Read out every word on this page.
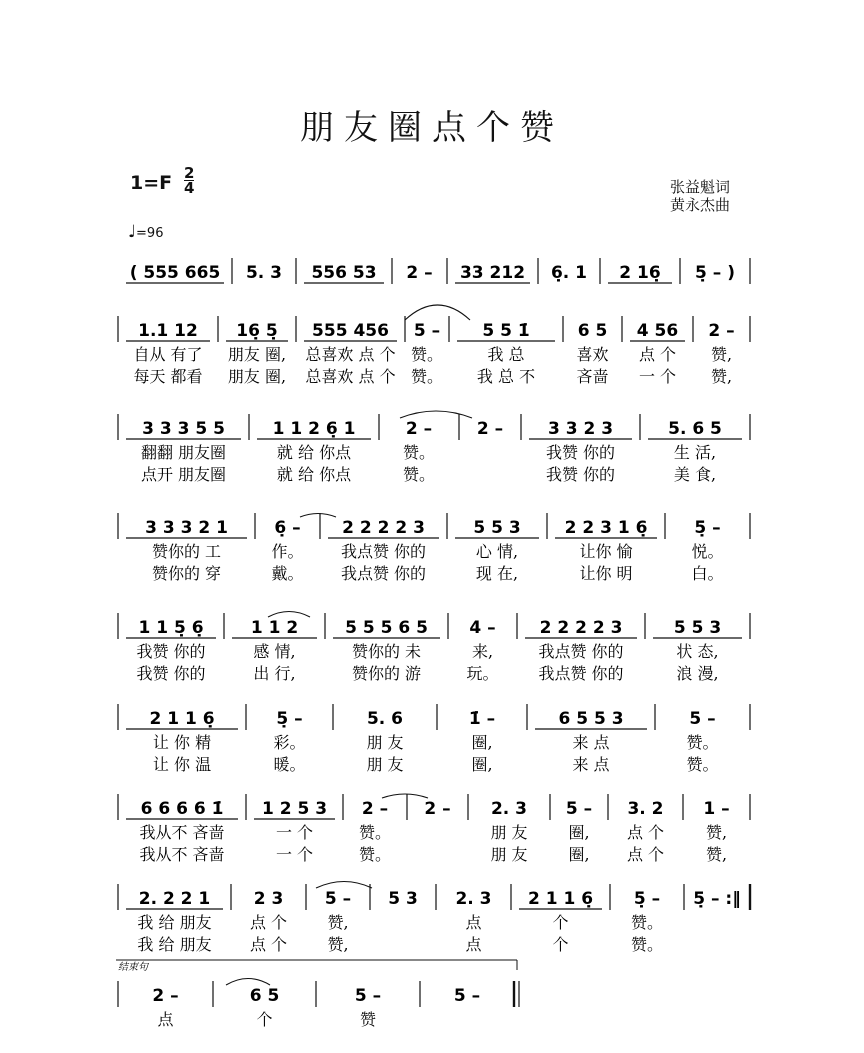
朋友圈点个赞
1=F 2
4	张益魁词
黄永杰曲
♩=96
( 555 665 5. 3 556 53 2 – 33 212 6̣. 1 2 16̣ 5̣ – )
1.1 12
自从 有了
每天 都看
16̣ 5̣
朋友 圈,
朋友 圈,
555 456
总喜欢 点 个
总喜欢 点 个
5 –
赞。
赞。
5 5 1̇
我 总
我 总 不
6 5
喜欢
吝啬
4 56
点 个
一 个
2 –
赞,
赞,
3 3 3 5 5
翻翻 朋友圈
点开 朋友圈
1 1 2 6̣ 1
就 给 你点
就 给 你点
2 –
赞。
赞。
2 –	3 3 2 3
我赞 你的
我赞 你的
5. 6 5
生 活,
美 食,
3 3 3 2 1
赞你的 工
赞你的 穿
6̣ –
作。
戴。
2 2 2 2 3
我点赞 你的
我点赞 你的
5 5 3
心 情,
现 在,
2 2 3 1 6̣
让你 愉
让你 明
5̣ –
悦。
白。
1 1 5̣ 6̣
我赞 你的
我赞 你的
1 1 2
感 情,
出 行,
5 5 5 6 5
赞你的 未
赞你的 游
4 –
来,
玩。
2 2 2 2 3
我点赞 你的
我点赞 你的
5 5 3
状 态,
浪 漫,
2 1 1 6̣
让 你 精
让 你 温
5̣ –
彩。
暖。
5. 6
朋 友
朋 友
1̇ –
圈,
圈,
6 5 5 3
来 点
来 点
5 –
赞。
赞。
6 6 6 6 1̇
我从不 吝啬
我从不 吝啬
1 2 5 3
一 个
一 个
2 –
赞。
赞。
2 – 2. 3
朋 友
朋 友
5 –
圈,
圈,
3. 2
点 个
点 个
1 –
赞,
赞,
2. 2 2 1
我 给 朋友
我 给 朋友
2 3
点 个
点 个
5 –
赞,
赞,
5 3 2. 3
点
点
2 1 1 6̣
个
个
5̣ –
赞。
赞。
5̣ – :‖
2 –
点
6 5
个
5 –
赞
5 –
结束句
